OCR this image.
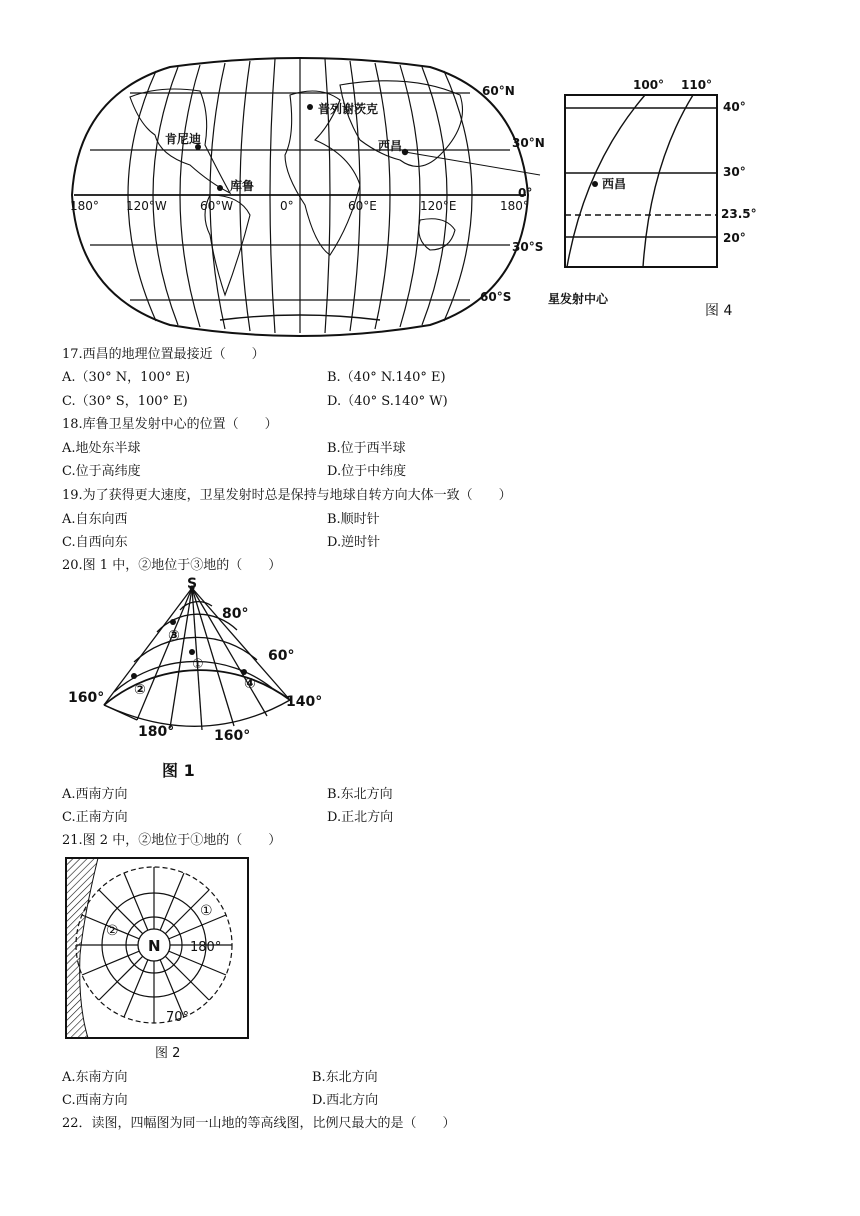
60°N
30°N
0°
30°S
60°S
180° 120°W	60°W	0°	60°E	120°E	180°
肯尼迪
库鲁
普列谢茨克
西昌
西昌
100° 110°
40°
30°
23.5°
20°
星发射中心
图 4
17.西昌的地理位置最接近（　　）
A.（30° N，100° E)	B.（40° N.140° E)
C.（30° S，100° E)	D.（40° S.140° W)
18.库鲁卫星发射中心的位置（　　）
A.地处东半球	B.位于西半球
C.位于高纬度	D.位于中纬度
19.为了获得更大速度，卫星发射时总是保持与地球自转方向大体一致（　　）
A.自东向西	B.顺时针
C.自西向东	D.逆时针
20.图 1 中，②地位于③地的（　　）
S
80°
60°
160°	140°
180°	160°
③
①
②	④
图 1
A.西南方向	B.东北方向
C.正南方向	D.正北方向
21.图 2 中，②地位于①地的（　　）
N 180°
70°
①
②
图 2
A.东南方向	B.东北方向
C.西南方向	D.西北方向
22．读图，四幅图为同一山地的等高线图，比例尺最大的是（　　）
